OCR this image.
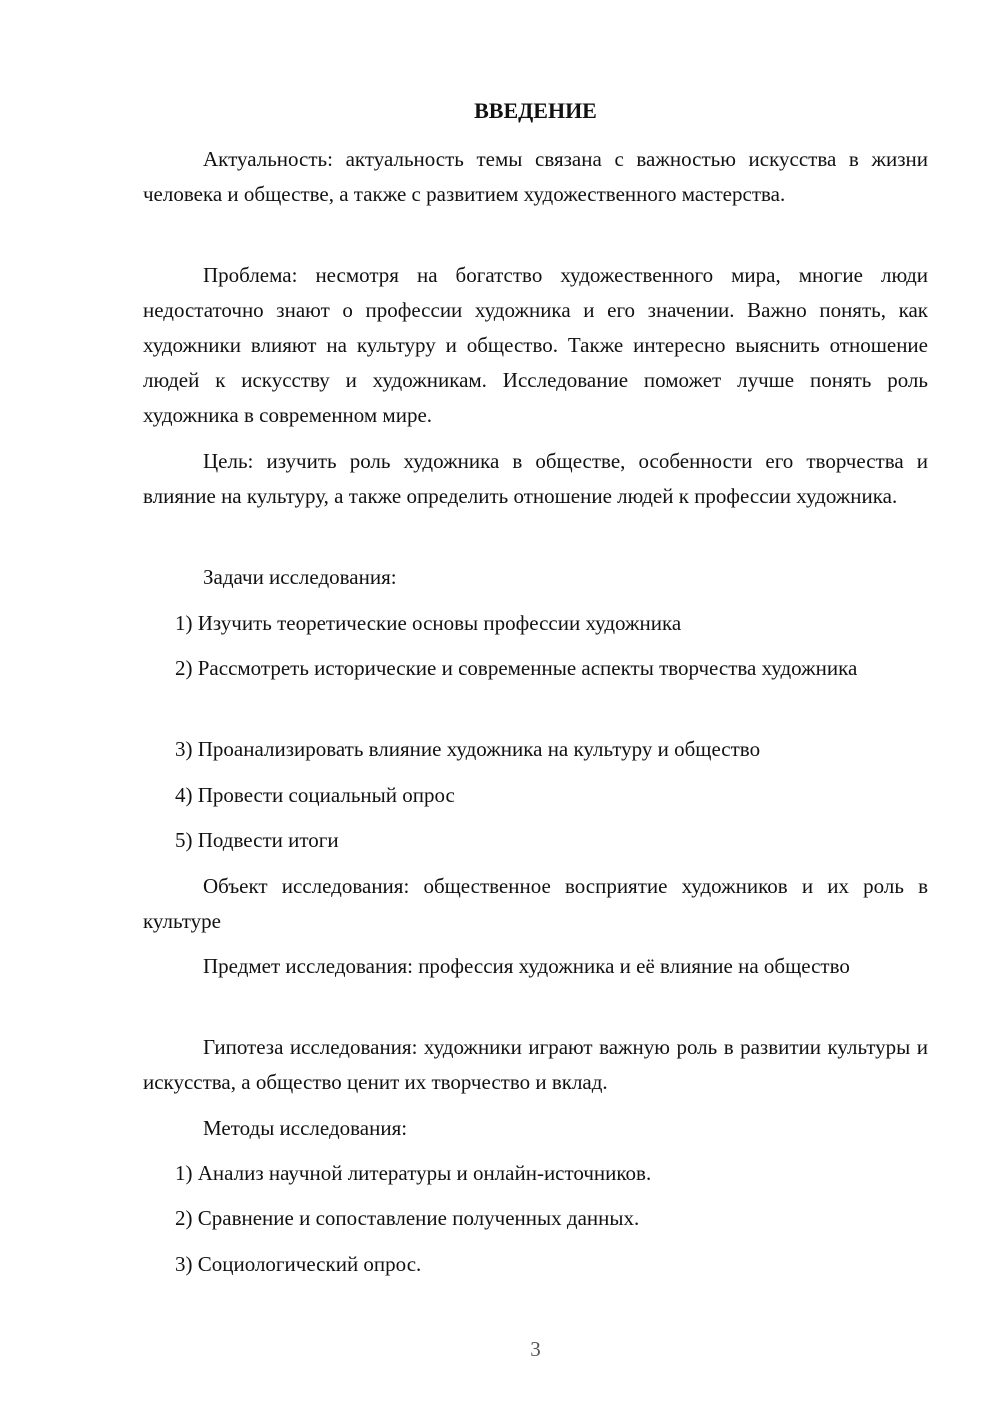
ВВЕДЕНИЕ

Актуальность: актуальность темы связана с важностью искусства в жизни человека и обществе, а также с развитием художественного мастерства.

Проблема: несмотря на богатство художественного мира, многие люди недостаточно знают о профессии художника и его значении. Важно понять, как художники влияют на культуру и общество. Также интересно выяснить отношение людей к искусству и художникам. Исследование поможет лучше понять роль художника в современном мире.

Цель: изучить роль художника в обществе, особенности его творчества и влияние на культуру, а также определить отношение людей к профессии художника.

Задачи исследования:

1) Изучить теоретические основы профессии художника

2) Рассмотреть исторические и современные аспекты творчества художника

3) Проанализировать влияние художника на культуру и общество

4) Провести социальный опрос

5) Подвести итоги

Объект исследования: общественное восприятие художников и их роль в культуре

Предмет исследования: профессия художника и её влияние на общество

Гипотеза исследования: художники играют важную роль в развитии культуры и искусства, а общество ценит их творчество и вклад.

Методы исследования:

1) Анализ научной литературы и онлайн-источников.

2) Сравнение и сопоставление полученных данных.

3) Социологический опрос.

3
